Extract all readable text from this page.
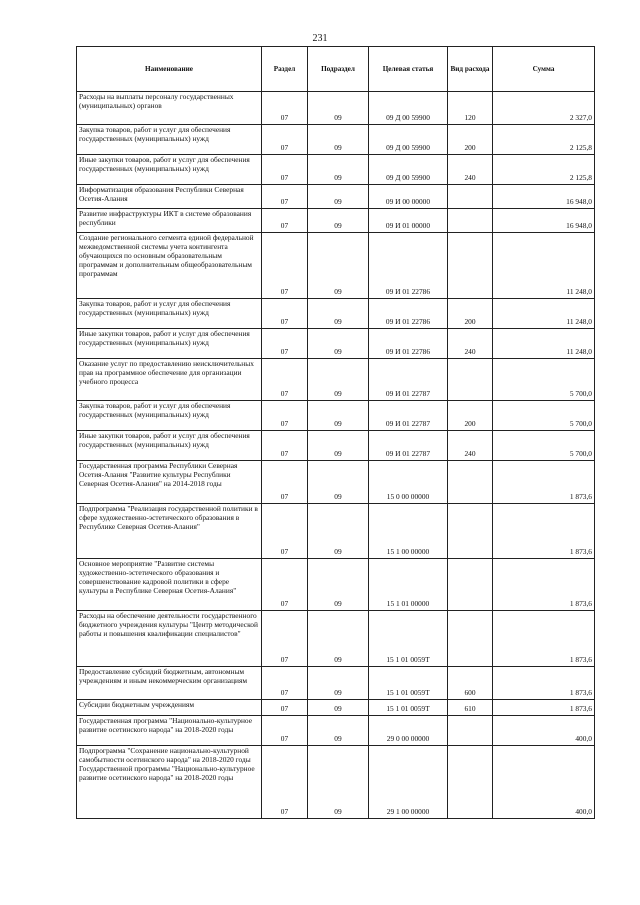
231
Наименование	Раздел	Подраздел	Целевая статья	Вид расхода	Сумма
Расходы на выплаты персоналу государственных (муниципальных) органов	07	09	09 Д 00 59900	120	2 327,0
Закупка товаров, работ и услуг для обеспечения государственных (муниципальных) нужд	07	09	09 Д 00 59900	200	2 125,8
Иные закупки товаров, работ и услуг для обеспечения государственных (муниципальных) нужд	07	09	09 Д 00 59900	240	2 125,8
Информатизация образования Республики Северная Осетия-Алания	07	09	09 И 00 00000		16 948,0
Развитие инфраструктуры ИКТ в системе образования республики	07	09	09 И 01 00000		16 948,0
Создание регионального сегмента единой федеральной межведомственной системы учета контингента обучающихся по основным образовательным программам и дополнительным общеобразовательным программам	07	09	09 И 01 22786		11 248,0
Закупка товаров, работ и услуг для обеспечения государственных (муниципальных) нужд	07	09	09 И 01 22786	200	11 248,0
Иные закупки товаров, работ и услуг для обеспечения государственных (муниципальных) нужд	07	09	09 И 01 22786	240	11 248,0
Оказание услуг по предоставлению неисключительных прав на программное обеспечение для организации учебного процесса	07	09	09 И 01 22787		5 700,0
Закупка товаров, работ и услуг для обеспечения государственных (муниципальных) нужд	07	09	09 И 01 22787	200	5 700,0
Иные закупки товаров, работ и услуг для обеспечения государственных (муниципальных) нужд	07	09	09 И 01 22787	240	5 700,0
Государственная программа Республики Северная Осетия-Алания "Развитие культуры Республики Северная Осетия-Алания" на 2014-2018 годы	07	09	15 0 00 00000		1 873,6
Подпрограмма "Реализация государственной политики в сфере художественно-эстетического образования в Республике Северная Осетия-Алания"	07	09	15 1 00 00000		1 873,6
Основное мероприятие "Развитие системы художественно-эстетического образования и совершенствование кадровой политики в сфере культуры в Республике Северная Осетия-Алания"	07	09	15 1 01 00000		1 873,6
Расходы на обеспечение деятельности государственного бюджетного учреждения культуры "Центр методической работы и повышения квалификации специалистов"	07	09	15 1 01 0059Т		1 873,6
Предоставление субсидий бюджетным, автономным учреждениям и иным некоммерческим организациям	07	09	15 1 01 0059Т	600	1 873,6
Субсидии бюджетным учреждениям	07	09	15 1 01 0059Т	610	1 873,6
Государственная программа "Национально-культурное развитие осетинского народа" на 2018-2020 годы	07	09	29 0 00 00000		400,0
Подпрограмма "Сохранение национально-культурной самобытности осетинского народа" на 2018-2020 годы Государственной программы "Национально-культурное развитие осетинского народа" на 2018-2020 годы	07	09	29 1 00 00000		400,0
